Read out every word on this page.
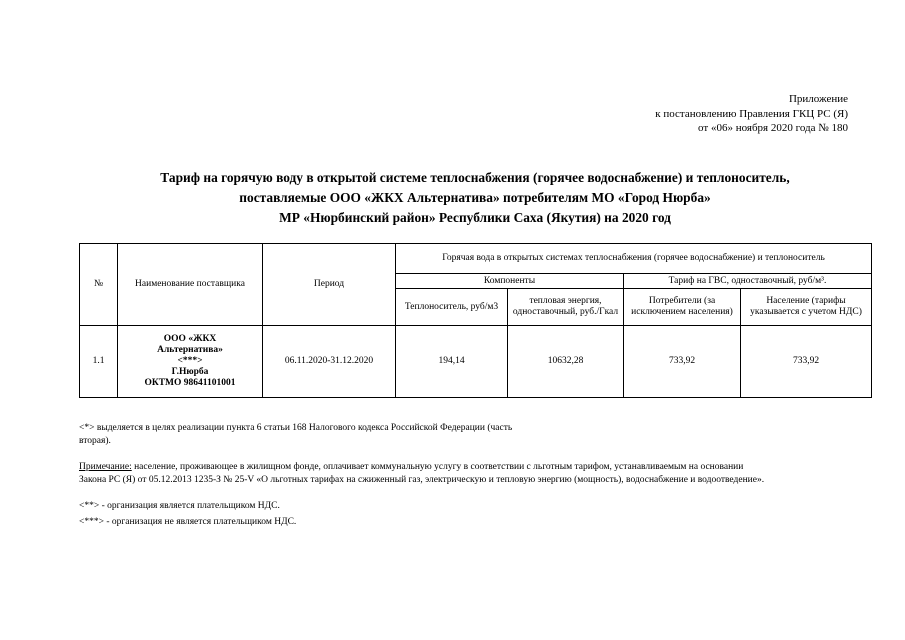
Приложение
к постановлению Правления ГКЦ РС (Я)
от «06» ноября 2020 года № 180
Тариф на горячую воду в открытой системе теплоснабжения (горячее водоснабжение) и теплоноситель,
поставляемые ООО «ЖКХ Альтернатива» потребителям МО «Город Нюрба»
МР «Нюрбинский район» Республики Саха (Якутия) на 2020 год
№	Наименование поставщика	Период	Горячая вода в открытых системах теплоснабжения (горячее водоснабжение) и теплоноситель			
			Компоненты		Тариф на ГВС, одноставочный, руб/м³.	
			Теплоноситель, руб/м3	тепловая энергия, одноставочный, руб./Гкал	Потребители (за исключением населения)	Население (тарифы указывается с учетом НДС)
1.1	ООО «ЖКХ
Альтернатива»
<***>
Г.Нюрба
ОКТМО 98641101001	06.11.2020-31.12.2020	194,14	10632,28	733,92	733,92
<*> выделяется в целях реализации пункта 6 статьи 168 Налогового кодекса Российской Федерации (часть
вторая).
Примечание: население, проживающее в жилищном фонде, оплачивает коммунальную услугу в соответствии с льготным тарифом, устанавливаемым на основании
Закона РС (Я) от 05.12.2013 1235-З № 25-V «О льготных тарифах на сжиженный газ, электрическую и тепловую энергию (мощность), водоснабжение и водоотведение».
<**> - организация является плательщиком НДС.
<***> - организация не является плательщиком НДС.
